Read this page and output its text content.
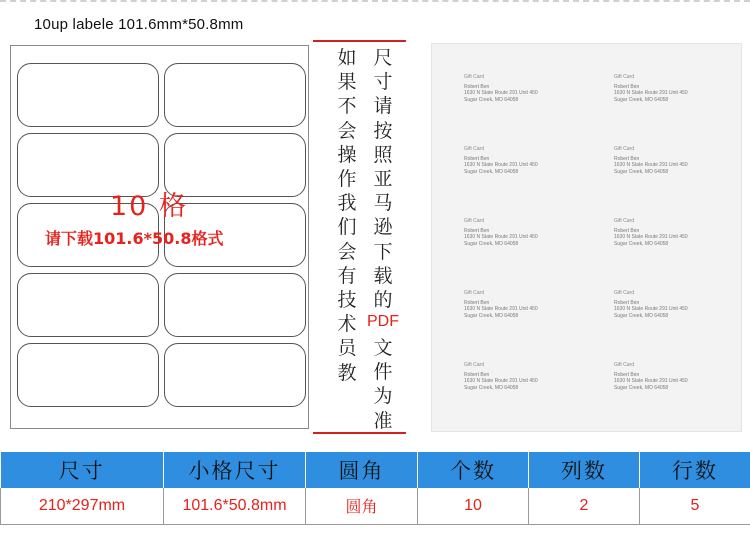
10up labele 101.6mm*50.8mm
10 格
请下载101.6*50.8格式
如果不会操作我们会有技术员教
尺寸请按照亚马逊下载的
PDF
文件为准
Gift Card
Robert Ben
1630 N State Route 291 Unit 450
Sugar Creek, MO 64058
Gift Card
Robert Ben
1630 N State Route 291 Unit 450
Sugar Creek, MO 64058
Gift Card
Robert Ben
1630 N State Route 291 Unit 450
Sugar Creek, MO 64058
Gift Card
Robert Ben
1630 N State Route 291 Unit 450
Sugar Creek, MO 64058
Gift Card
Robert Ben
1630 N State Route 291 Unit 450
Sugar Creek, MO 64058
Gift Card
Robert Ben
1630 N State Route 291 Unit 450
Sugar Creek, MO 64058
Gift Card
Robert Ben
1630 N State Route 291 Unit 450
Sugar Creek, MO 64058
Gift Card
Robert Ben
1630 N State Route 291 Unit 450
Sugar Creek, MO 64058
Gift Card
Robert Ben
1630 N State Route 291 Unit 450
Sugar Creek, MO 64058
Gift Card
Robert Ben
1630 N State Route 291 Unit 450
Sugar Creek, MO 64058
尺寸	小格尺寸	圆角	个数	列数	行数
210*297mm	101.6*50.8mm	圆角	10	2	5
